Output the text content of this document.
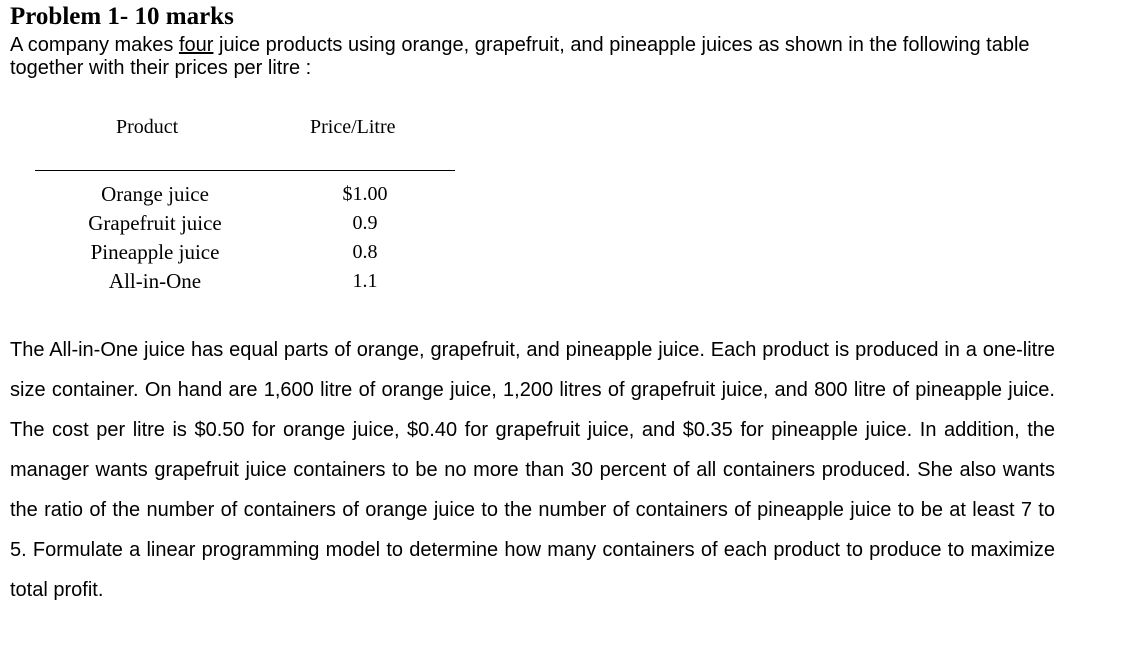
Problem 1- 10 marks
A company makes four juice products using orange, grapefruit, and pineapple juices as shown in the following table together with their prices per litre :
Product	Price/Litre
Orange juice	$1.00
Grapefruit juice	0.9
Pineapple juice	0.8
All-in-One	1.1
The All-in-One juice has equal parts of orange, grapefruit, and pineapple juice. Each product is produced in a one-litre size container. On hand are 1,600 litre of orange juice, 1,200 litres of grapefruit juice, and 800 litre of pineapple juice. The cost per litre is $0.50 for orange juice, $0.40 for grapefruit juice, and $0.35 for pineapple juice. In addition, the manager wants grapefruit juice containers to be no more than 30 percent of all containers produced. She also wants the ratio of the number of containers of orange juice to the number of containers of pineapple juice to be at least 7 to 5. Formulate a linear programming model to determine how many containers of each product to produce to maximize total profit.
